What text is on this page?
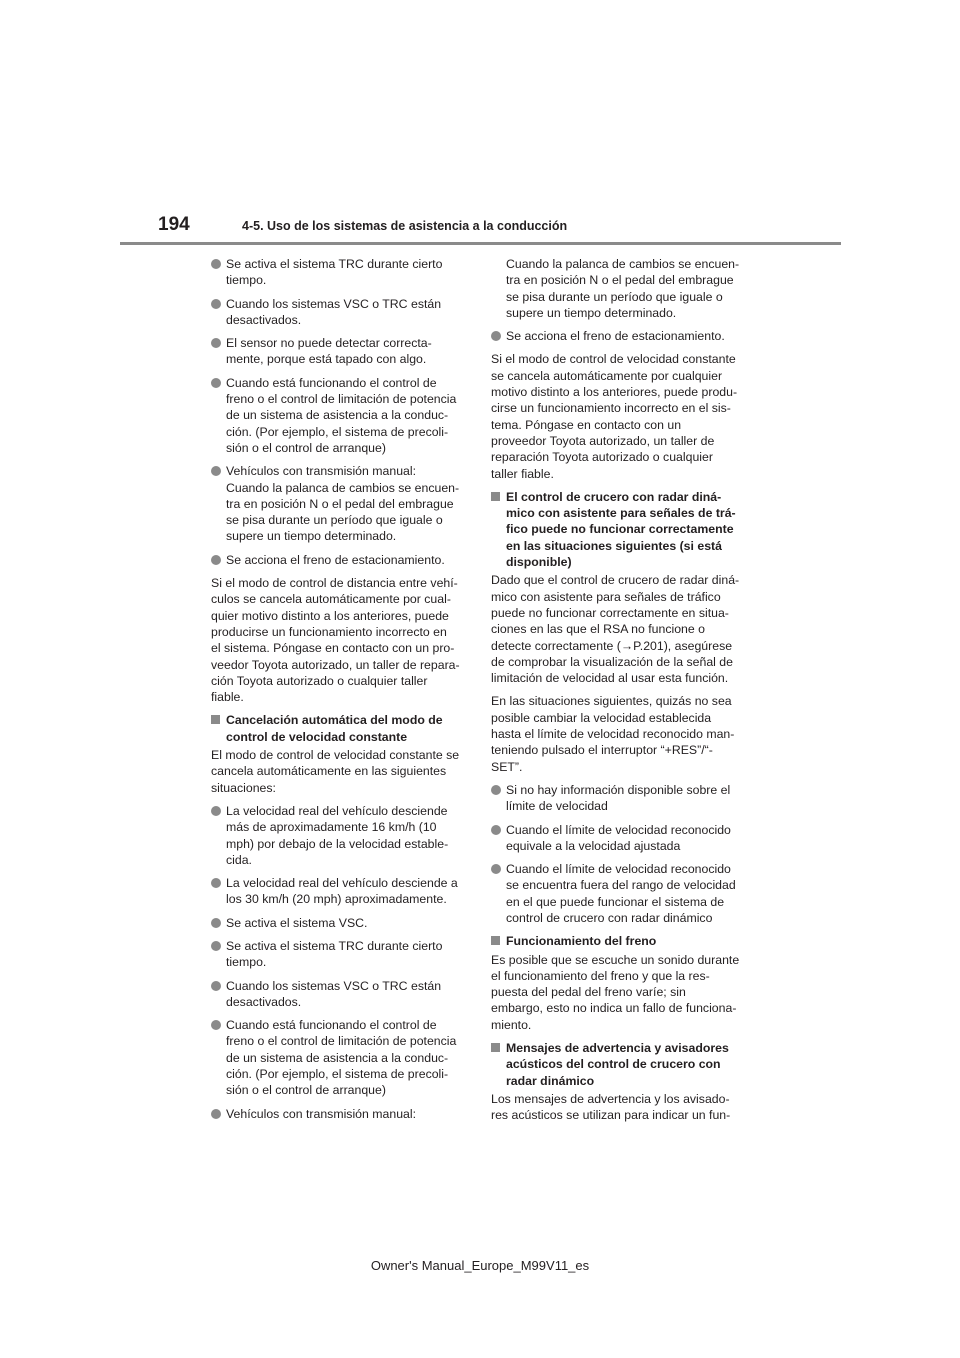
194	4-5. Uso de los sistemas de asistencia a la conducción
Se activa el sistema TRC durante cierto
tiempo.
Cuando los sistemas VSC o TRC están
desactivados.
El sensor no puede detectar correcta-
mente, porque está tapado con algo.
Cuando está funcionando el control de
freno o el control de limitación de potencia
de un sistema de asistencia a la conduc-
ción. (Por ejemplo, el sistema de precoli-
sión o el control de arranque)
Vehículos con transmisión manual:
Cuando la palanca de cambios se encuen-
tra en posición N o el pedal del embrague
se pisa durante un período que iguale o
supere un tiempo determinado.
Se acciona el freno de estacionamiento.
Si el modo de control de distancia entre vehí-
culos se cancela automáticamente por cual-
quier motivo distinto a los anteriores, puede
producirse un funcionamiento incorrecto en
el sistema. Póngase en contacto con un pro-
veedor Toyota autorizado, un taller de repara-
ción Toyota autorizado o cualquier taller
fiable.
Cancelación automática del modo de
control de velocidad constante
El modo de control de velocidad constante se
cancela automáticamente en las siguientes
situaciones:
La velocidad real del vehículo desciende
más de aproximadamente 16 km/h (10
mph) por debajo de la velocidad estable-
cida.
La velocidad real del vehículo desciende a
los 30 km/h (20 mph) aproximadamente.
Se activa el sistema VSC.
Se activa el sistema TRC durante cierto
tiempo.
Cuando los sistemas VSC o TRC están
desactivados.
Cuando está funcionando el control de
freno o el control de limitación de potencia
de un sistema de asistencia a la conduc-
ción. (Por ejemplo, el sistema de precoli-
sión o el control de arranque)
Vehículos con transmisión manual:
Cuando la palanca de cambios se encuen-
tra en posición N o el pedal del embrague
se pisa durante un período que iguale o
supere un tiempo determinado.
Se acciona el freno de estacionamiento.
Si el modo de control de velocidad constante
se cancela automáticamente por cualquier
motivo distinto a los anteriores, puede produ-
cirse un funcionamiento incorrecto en el sis-
tema. Póngase en contacto con un
proveedor Toyota autorizado, un taller de
reparación Toyota autorizado o cualquier
taller fiable.
El control de crucero con radar diná-
mico con asistente para señales de trá-
fico puede no funcionar correctamente
en las situaciones siguientes (si está
disponible)
Dado que el control de crucero de radar diná-
mico con asistente para señales de tráfico
puede no funcionar correctamente en situa-
ciones en las que el RSA no funcione o
detecte correctamente (→P.201), asegúrese
de comprobar la visualización de la señal de
limitación de velocidad al usar esta función.
En las situaciones siguientes, quizás no sea
posible cambiar la velocidad establecida
hasta el límite de velocidad reconocido man-
teniendo pulsado el interruptor “+RES”/“-
SET”.
Si no hay información disponible sobre el
límite de velocidad
Cuando el límite de velocidad reconocido
equivale a la velocidad ajustada
Cuando el límite de velocidad reconocido
se encuentra fuera del rango de velocidad
en el que puede funcionar el sistema de
control de crucero con radar dinámico
Funcionamiento del freno
Es posible que se escuche un sonido durante
el funcionamiento del freno y que la res-
puesta del pedal del freno varíe; sin
embargo, esto no indica un fallo de funciona-
miento.
Mensajes de advertencia y avisadores
acústicos del control de crucero con
radar dinámico
Los mensajes de advertencia y los avisado-
res acústicos se utilizan para indicar un fun-
Owner's Manual_Europe_M99V11_es
